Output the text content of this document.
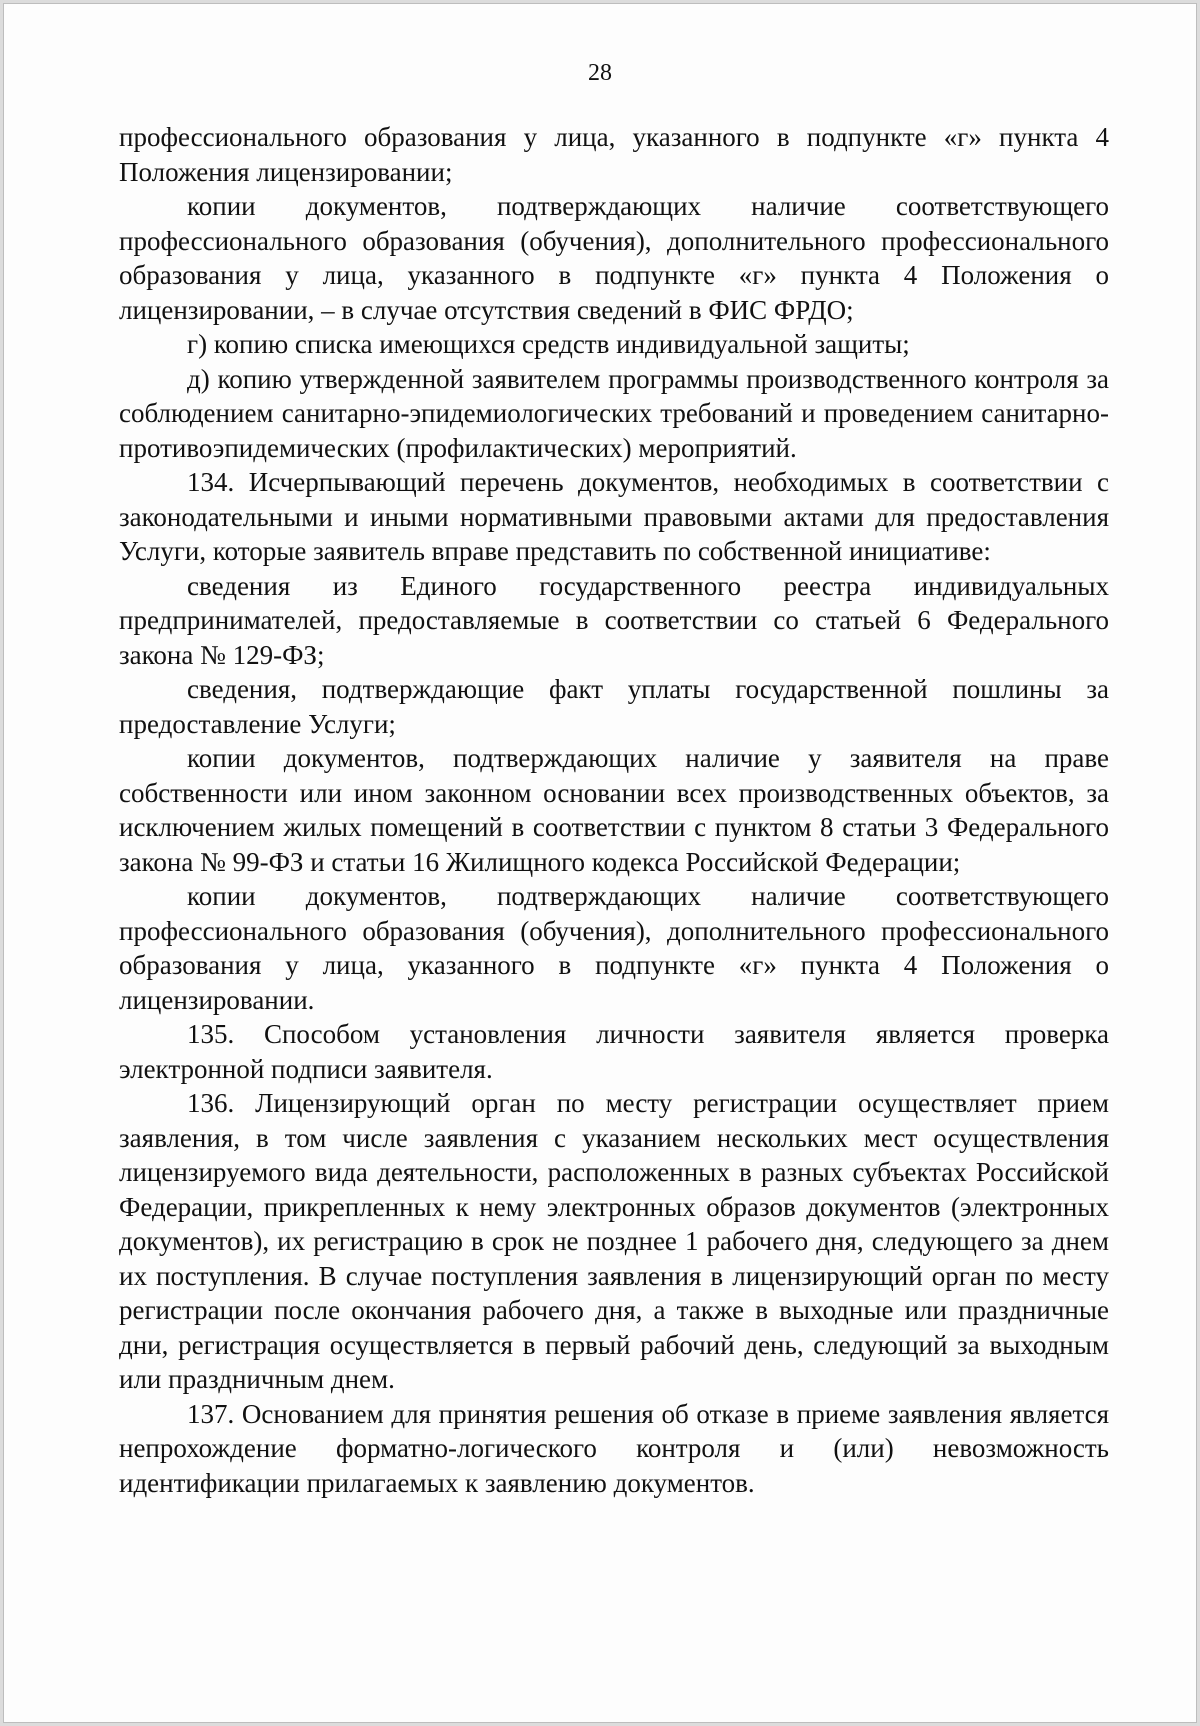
28

профессионального образования у лица, указанного в подпункте «г» пункта 4 Положения лицензировании;

копии документов, подтверждающих наличие соответствующего профессионального образования (обучения), дополнительного профессионального образования у лица, указанного в подпункте «г» пункта 4 Положения о лицензировании, – в случае отсутствия сведений в ФИС ФРДО;

г) копию списка имеющихся средств индивидуальной защиты;

д) копию утвержденной заявителем программы производственного контроля за соблюдением санитарно-эпидемиологических требований и проведением санитарно-противоэпидемических (профилактических) мероприятий.

134. Исчерпывающий перечень документов, необходимых в соответствии с законодательными и иными нормативными правовыми актами для предоставления Услуги, которые заявитель вправе представить по собственной инициативе:

сведения из Единого государственного реестра индивидуальных предпринимателей, предоставляемые в соответствии со статьей 6 Федерального закона № 129-ФЗ;

сведения, подтверждающие факт уплаты государственной пошлины за предоставление Услуги;

копии документов, подтверждающих наличие у заявителя на праве собственности или ином законном основании всех производственных объектов, за исключением жилых помещений в соответствии с пунктом 8 статьи 3 Федерального закона № 99-ФЗ и статьи 16 Жилищного кодекса Российской Федерации;

копии документов, подтверждающих наличие соответствующего профессионального образования (обучения), дополнительного профессионального образования у лица, указанного в подпункте «г» пункта 4 Положения о лицензировании.

135. Способом установления личности заявителя является проверка электронной подписи заявителя.

136. Лицензирующий орган по месту регистрации осуществляет прием заявления, в том числе заявления с указанием нескольких мест осуществления лицензируемого вида деятельности, расположенных в разных субъектах Российской Федерации, прикрепленных к нему электронных образов документов (электронных документов), их регистрацию в срок не позднее 1 рабочего дня, следующего за днем их поступления. В случае поступления заявления в лицензирующий орган по месту регистрации после окончания рабочего дня, а также в выходные или праздничные дни, регистрация осуществляется в первый рабочий день, следующий за выходным или праздничным днем.

137. Основанием для принятия решения об отказе в приеме заявления является непрохождение форматно-логического контроля и (или) невозможность идентификации прилагаемых к заявлению документов.
